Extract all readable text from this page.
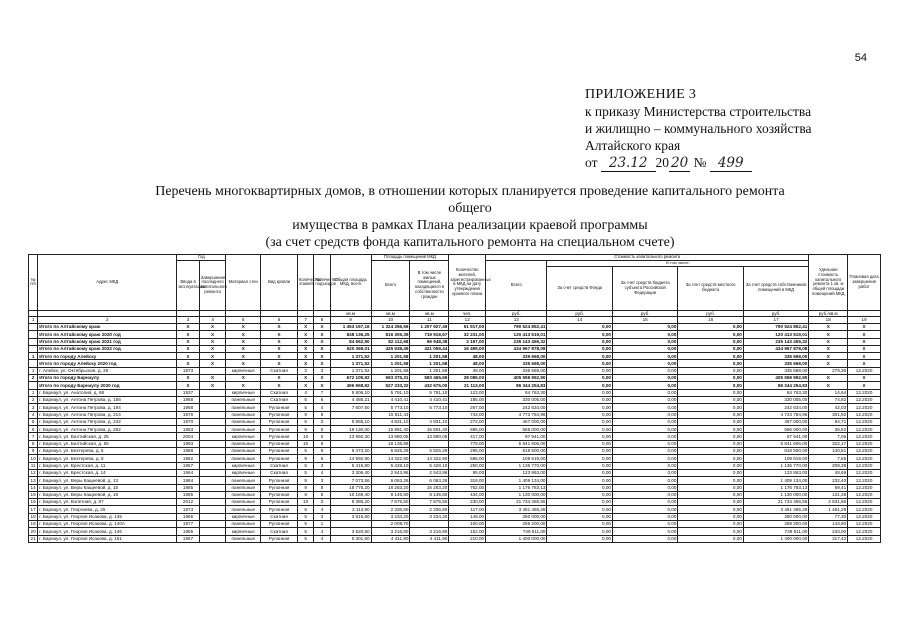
54
ПРИЛОЖЕНИЕ 3
к приказу Министерства строительства
и жилищно – коммунального хозяйства
Алтайского края
от 23.12 20 20 № 499
Перечень многоквартирных домов, в отношении которых планируется проведение капитального ремонта общего
имущества в рамках Плана реализации краевой программы
(за счет средств фонда капитального ремонта на специальном счете)
№ п/п	Адрес МКД	Год		Материал стен	Вид кровли	Количество этажей	Количество подъездов	Общая площадь МКД, всего	Площадь помещений МКД		Количество жителей, зарегистрированных в МКД на дату утверждения краевого плана	Стоимость капитального ремонта					Удельная стоимость капитального ремонта 1 кв. м общей площади помещений МКД	Плановая дата завершения работ
		Ввода в эксплуатацию	Завершение последнего капитального ремонта						Всего	В том числе жилых помещений, находящихся в собственности граждан		Всего	В том числе:					
													За счет средств Фонда	За счет средств бюджета субъекта Российской Федерации	За счет средств местного бюджета	За счет средств собственников помещений в МКД		
								кв.м	кв.м	кв.м	чел.	руб.	руб.	руб.	руб.	руб.	руб./кв.м	
1	2	3	4	5	6	7	8	9	10	11	12	13	14	15	16	17	18	19
	Итого по Алтайскому краю	X	X	X	X	X	X	1 453 167,16	1 324 356,56	1 207 927,49	51 917,00	790 524 852,41	0,00	0,00	0,00	790 524 852,41	X	X
	Итого по Алтайскому краю 2020 год	X	X	X	X	X	X	848 136,25	816 305,39	719 918,67	32 231,00	120 413 519,01	0,00	0,00	0,00	120 413 519,01	X	X
	Итого по Алтайскому краю 2021 год	X	X	X	X	X	X	84 662,90	82 112,68	66 948,38	3 197,00	235 143 455,32	0,00	0,00	0,00	235 143 455,32	X	X
	Итого по Алтайскому краю 2022 год	X	X	X	X	X	X	520 368,01	425 938,49	421 059,44	16 499,00	434 967 878,08	0,00	0,00	0,00	434 967 878,08	X	X
1	Итого по городу Алейску	X	X	X	X	X	X	1 371,52	1 201,58	1 201,58	48,00	335 668,00	0,00	0,00	0,00	335 668,00	X	X
	Итого по городу Алейску 2020 год	X	X	X	X	X	X	1 371,52	1 201,58	1 201,58	48,00	335 668,00	0,00	0,00	0,00	335 668,00	X	X
1	г. Алейск, ул. Октябрьская, д. 26	1973		кирпичные	Скатная	3	3	1 371,52	1 201,58	1 201,58	48,00	335 668,00	0,00	0,00	0,00	335 668,00	279,36	12.2020
2	Итого по городу Барнаулу	X	X	X	X	X	X	672 105,92	693 375,31	583 465,69	28 086,00	405 559 992,90	0,00	0,00	0,00	405 559 992,90	X	X
	Итого по городу Барнаулу 2020 год	X	X	X	X	X	X	496 968,92	527 333,32	432 675,00	21 113,00	86 344 254,83	0,00	0,00	0,00	86 344 254,83	X	X
1	г. Барнаул, ул. Анатолия, д. 68	1937		кирпичные	Скатная	4	7	5 806,10	5 791,10	5 791,10	123,00	84 763,30	0,00	0,00	0,00	84 763,30	14,64	12.2020
2	г. Барнаул, ул. Антона Петрова, д. 156	1968		панельные	Скатная	5	6	4 485,21	4 410,41	4 410,41	185,00	330 005,00	0,00	0,00	0,00	330 005,00	74,82	12.2020
3	г. Барнаул, ул. Антона Петрова, д. 194	1968		панельные	Рулонная	5	4	7 607,50	5 773,10	5 773,10	267,00	242 634,00	0,00	0,00	0,00	242 634,00	42,03	12.2020
4	г. Барнаул, ул. Антона Петрова, д. 214	1976		панельные	Рулонная	9	8		15 811,43		743,00	4 773 784,96	0,00	0,00	0,00	4 723 784,96	301,92	12.2020
5	г. Барнаул, ул. Антона Петрова, д. 242	1970		панельные	Рулонная	5	3	5 955,10	4 931,10	4 931,10	272,00	467 000,00	0,00	0,00	0,00	467 000,00	94,71	12.2020
6	г. Барнаул, ул. Антона Петрова, д. 262	1983		панельные	Рулонная	9	6	19 130,00	15 891,40	15 891,40	695,00	565 000,00	0,00	0,00	0,00	566 000,00	35,62	12.2020
7	г. Барнаул, ул. Балтийская, д. 25	2004		кирпичные	Рулонная	10	5	13 950,30	13 880,05	13 880,05	417,00	97 941,00	0,00	0,00	0,00	97 941,00	7,06	12.2020
8	г. Барнаул, ул. Балтийская, д. 55	1993		панельные	Рулонная	10	8		18 135,88		779,00	5 841 606,00	0,00	0,00	0,00	5 841 606,00	322,17	12.2020
9	г. Барнаул, ул. Бехтерева, д. 5	1988		панельные	Рулонная	5	8	6 473,20	5 825,29	5 825,29	295,00	818 500,00	0,00	0,00	0,00	818 500,00	140,51	12.2020
10	г. Барнаул, ул. Бехтерева, д. 8	1982		панельные	Рулонная	9	6	14 592,90	14 322,90	14 322,90	586,00	109 619,00	0,00	0,00	0,00	109 619,00	7,65	12.2020
11	г. Барнаул, ул. Брестская, д. 11	1957		кирпичные	Скатная	5	3	6 415,80	5 428,10	5 428,10	250,00	1 136 770,00	0,00	0,00	0,00	1 136 770,00	209,38	12.2020
12	г. Барнаул, ул. Брестская, д. 14	1964		кирпичные	Скатная	5	4	3 306,40	2 543,96	2 543,96	95,00	123 863,00	0,00	0,00	0,00	123 863,00	48,69	12.2020
13	г. Барнаул, ул. Веры Кащеевой, д. 13	1984		панельные	Рулонная	9	3	7 073,56	6 063,26	6 063,26	319,00	1 409 134,00	0,00	0,00	0,00	1 409 134,00	232,40	12.2020
14	г. Барнаул, ул. Веры Кащеевой, д. 15	1985		панельные	Рулонная	9	8	18 775,20	16 283,20	16 283,20	762,00	1 176 763,13	0,00	0,00	0,00	1 176 763,13	69,41	12.2020
15	г. Барнаул, ул. Веры Кащеевой, д. 19	1985		панельные	Рулонная	9	5	10 169,40	8 145,80	8 145,80	434,00	1 130 000,00	0,00	0,00	0,00	1 130 000,00	131,38	12.2020
16	г. Барнаул, ул. Взлетная, д. 87	2012		панельные	Рулонная	10	3	9 386,20	7 675,50	7 675,50	230,00	21 734 456,55	0,00	0,00	0,00	21 734 456,55	2 831,66	12.2020
17	г. Барнаул, ул. Георгиева, д. 25	1973		панельные	Рулонная	5	4	3 113,90	2 336,80	2 336,80	117,00	3 461 465,28	0,00	0,00	0,00	3 461 465,28	1 481,28	12.2020
18	г. Барнаул, ул. Георгия Исакова, д. 135	1965		кирпичные	Скатная	5	3	3 915,60	3 234,20	3 234,20	149,00	250 000,00	0,00	0,00	0,00	250 000,00	77,30	12.2020
19	г. Барнаул, ул. Георгия Исакова, д. 140А	1977		панельные	Рулонная	9	1		2 009,70		100,00	289 200,00	0,00	0,00	0,00	289 200,00	143,90	12.2020
20	г. Барнаул, ул. Георгия Исакова, д. 146	1965		кирпичные	Скатная	5	4	3 520,50	3 216,80	3 216,80	152,00	749 511,00	0,00	0,00	0,00	749 511,00	233,00	12.2020
21	г. Барнаул, ул. Георгия Исакова, д. 151	1967		панельные	Рулонная	5	4	5 301,50	4 411,90	4 411,90	210,00	1 400 000,00	0,00	0,00	0,00	1 400 000,00	317,42	12.2020
